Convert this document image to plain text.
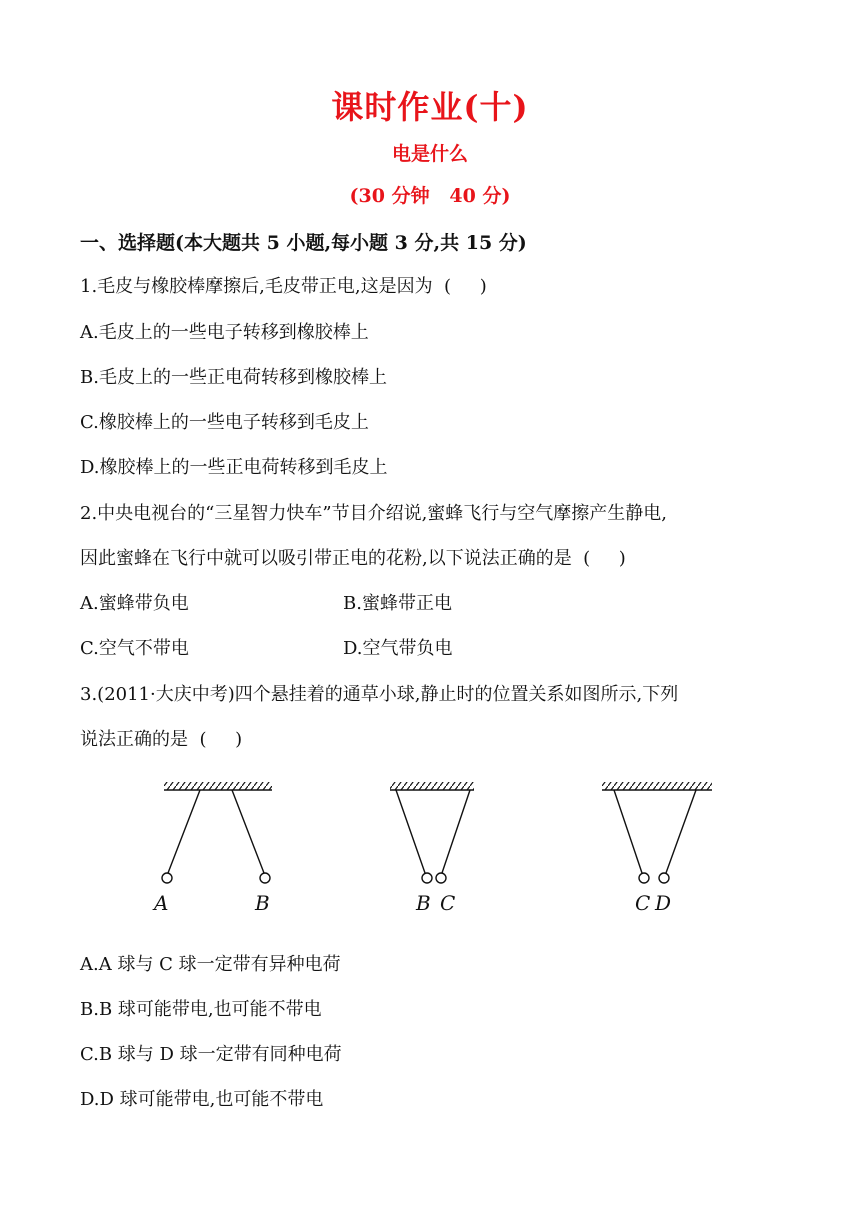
课时作业(十)
电是什么
(30 分钟   40 分)
一、选择题(本大题共 5 小题,每小题 3 分,共 15 分)
1.毛皮与橡胶棒摩擦后,毛皮带正电,这是因为  (     )
A.毛皮上的一些电子转移到橡胶棒上
B.毛皮上的一些正电荷转移到橡胶棒上
C.橡胶棒上的一些电子转移到毛皮上
D.橡胶棒上的一些正电荷转移到毛皮上
2.中央电视台的“三星智力快车”节目介绍说,蜜蜂飞行与空气摩擦产生静电,
因此蜜蜂在飞行中就可以吸引带正电的花粉,以下说法正确的是  (     )
A.蜜蜂带负电	B.蜜蜂带正电
C.空气不带电	D.空气带负电
3.(2011·大庆中考)四个悬挂着的通草小球,静止时的位置关系如图所示,下列
说法正确的是  (     )
A	B	B C	C D
A.A 球与 C 球一定带有异种电荷
B.B 球可能带电,也可能不带电
C.B 球与 D 球一定带有同种电荷
D.D 球可能带电,也可能不带电
